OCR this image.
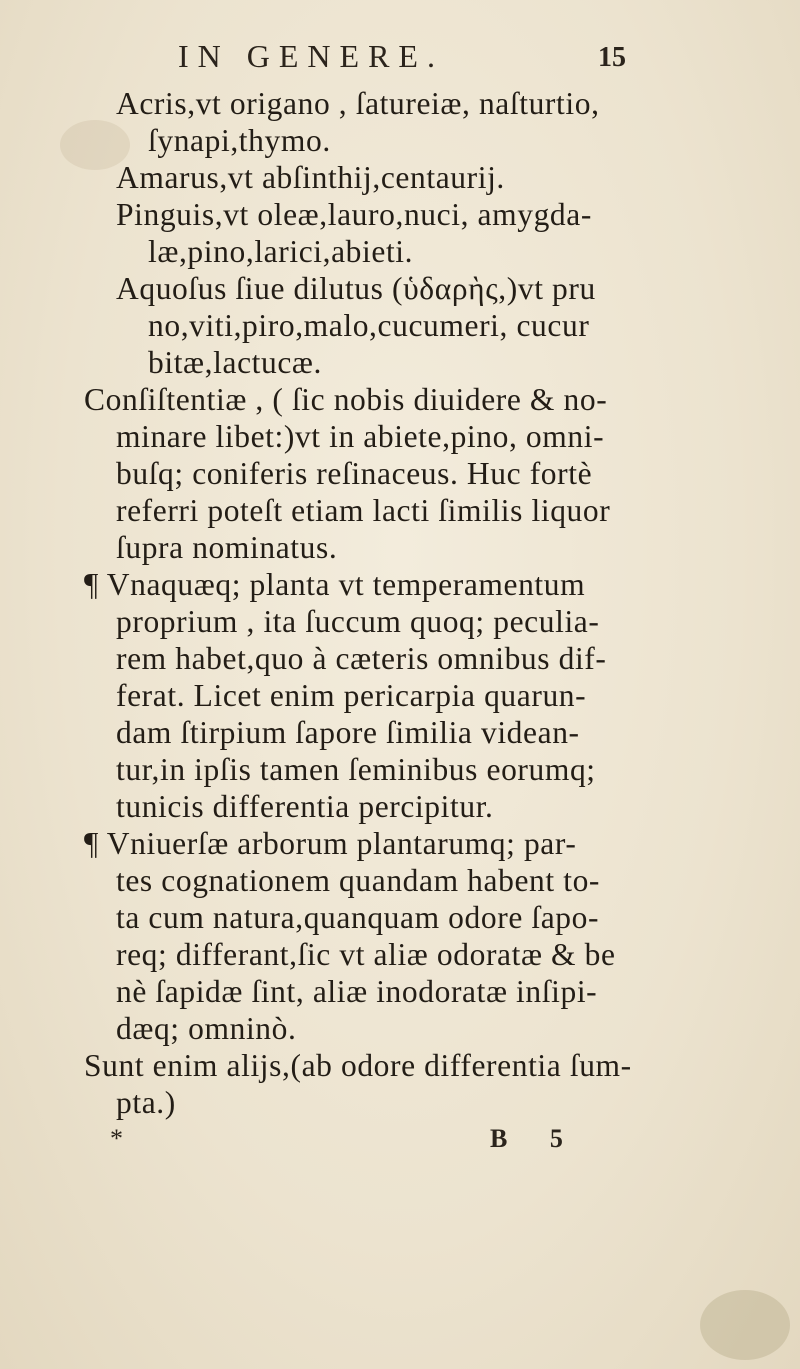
IN GENERE.	15
Acris,vt origano , ſatureiæ, naſturtio,
ſynapi,thymo.
Amarus,vt abſinthij,centaurij.
Pinguis,vt oleæ,lauro,nuci, amygda-
læ,pino,larici,abieti.
Aquoſus ſiue dilutus (ὑδαρὴς,)vt pru
no,viti,piro,malo,cucumeri, cucur
bitæ,lactucæ.
Conſiſtentiæ , ( ſic nobis diuidere & no-
minare libet:)vt in abiete,pino, omni-
buſq; coniferis reſinaceus. Huc fortè
referri poteſt etiam lacti ſimilis liquor
ſupra nominatus.
¶ Vnaquæq; planta vt temperamentum
proprium , ita ſuccum quoq; peculia-
rem habet,quo à cæteris omnibus dif-
ferat. Licet enim pericarpia quarun-
dam ſtirpium ſapore ſimilia videan-
tur,in ipſis tamen ſeminibus eorumq;
tunicis differentia percipitur.
¶ Vniuerſæ arborum plantarumq; par-
tes cognationem quandam habent to-
ta cum natura,quanquam odore ſapo-
req; differant,ſic vt aliæ odoratæ & be
nè ſapidæ ſint, aliæ inodoratæ inſipi-
dæq; omninò.
Sunt enim alijs,(ab odore differentia ſum-
pta.)
*	B 5
